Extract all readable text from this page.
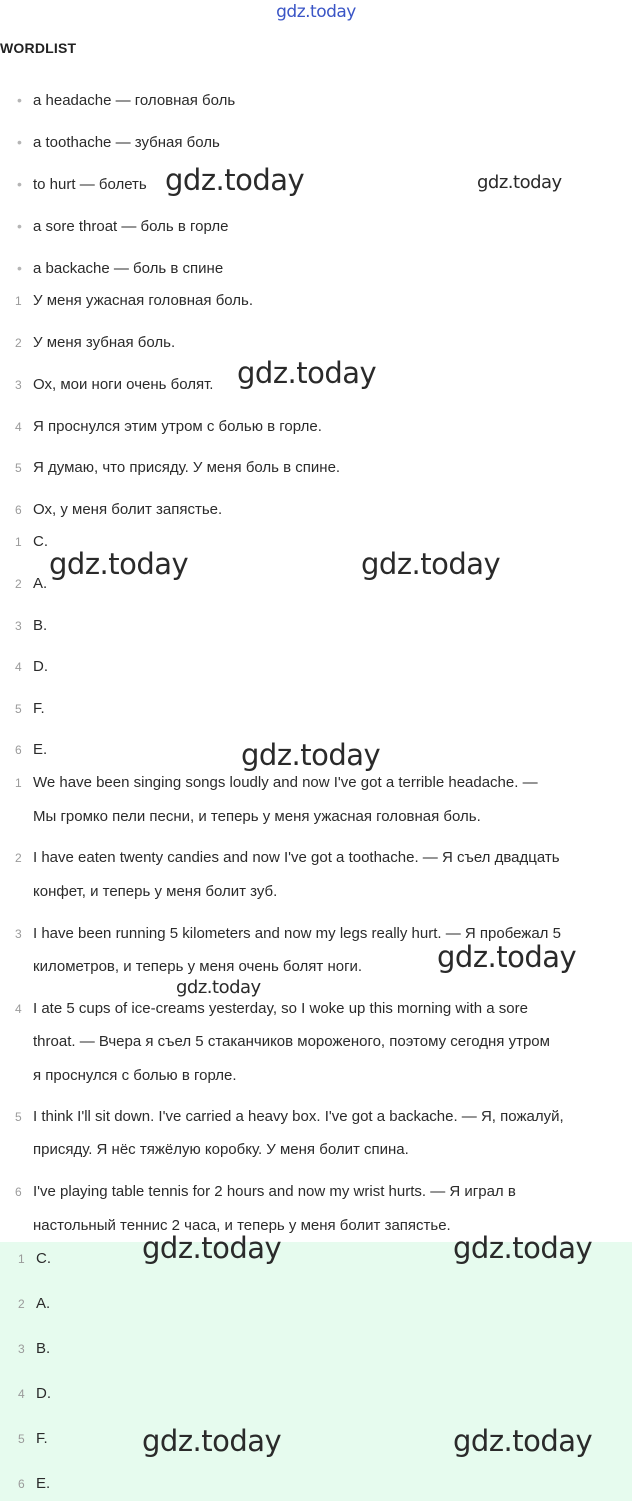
gdz.today
WORDLIST
• a headache — головная боль
• a toothache — зубная боль
• to hurt — болеть
• a sore throat — боль в горле
• a backache — боль в спине
1 У меня ужасная головная боль.
2 У меня зубная боль.
3 Ох, мои ноги очень болят.
4 Я проснулся этим утром с болью в горле.
5 Я думаю, что присяду. У меня боль в спине.
6 Ох, у меня болит запястье.
1 C.
2 A.
3 B.
4 D.
5 F.
6 E.
1 We have been singing songs loudly and now I've got a terrible headache. —
Мы громко пели песни, и теперь у меня ужасная головная боль.
2 I have eaten twenty candies and now I've got a toothache. — Я съел двадцать
конфет, и теперь у меня болит зуб.
3 I have been running 5 kilometers and now my legs really hurt. — Я пробежал 5
километров, и теперь у меня очень болят ноги.
4 I ate 5 cups of ice-creams yesterday, so I woke up this morning with a sore
throat. — Вчера я съел 5 стаканчиков мороженого, поэтому сегодня утром
я проснулся с болью в горле.
5 I think I'll sit down. I've carried a heavy box. I've got a backache. — Я, пожалуй,
присяду. Я нёс тяжёлую коробку. У меня болит спина.
6 I've playing table tennis for 2 hours and now my wrist hurts. — Я играл в
настольный теннис 2 часа, и теперь у меня болит запястье.
1 C.
2 A.
3 B.
4 D.
5 F.
6 E.
gdz.today	gdz.today
gdz.today
gdz.today	gdz.today
gdz.today
gdz.today
gdz.today
gdz.today	gdz.today
gdz.today	gdz.today
